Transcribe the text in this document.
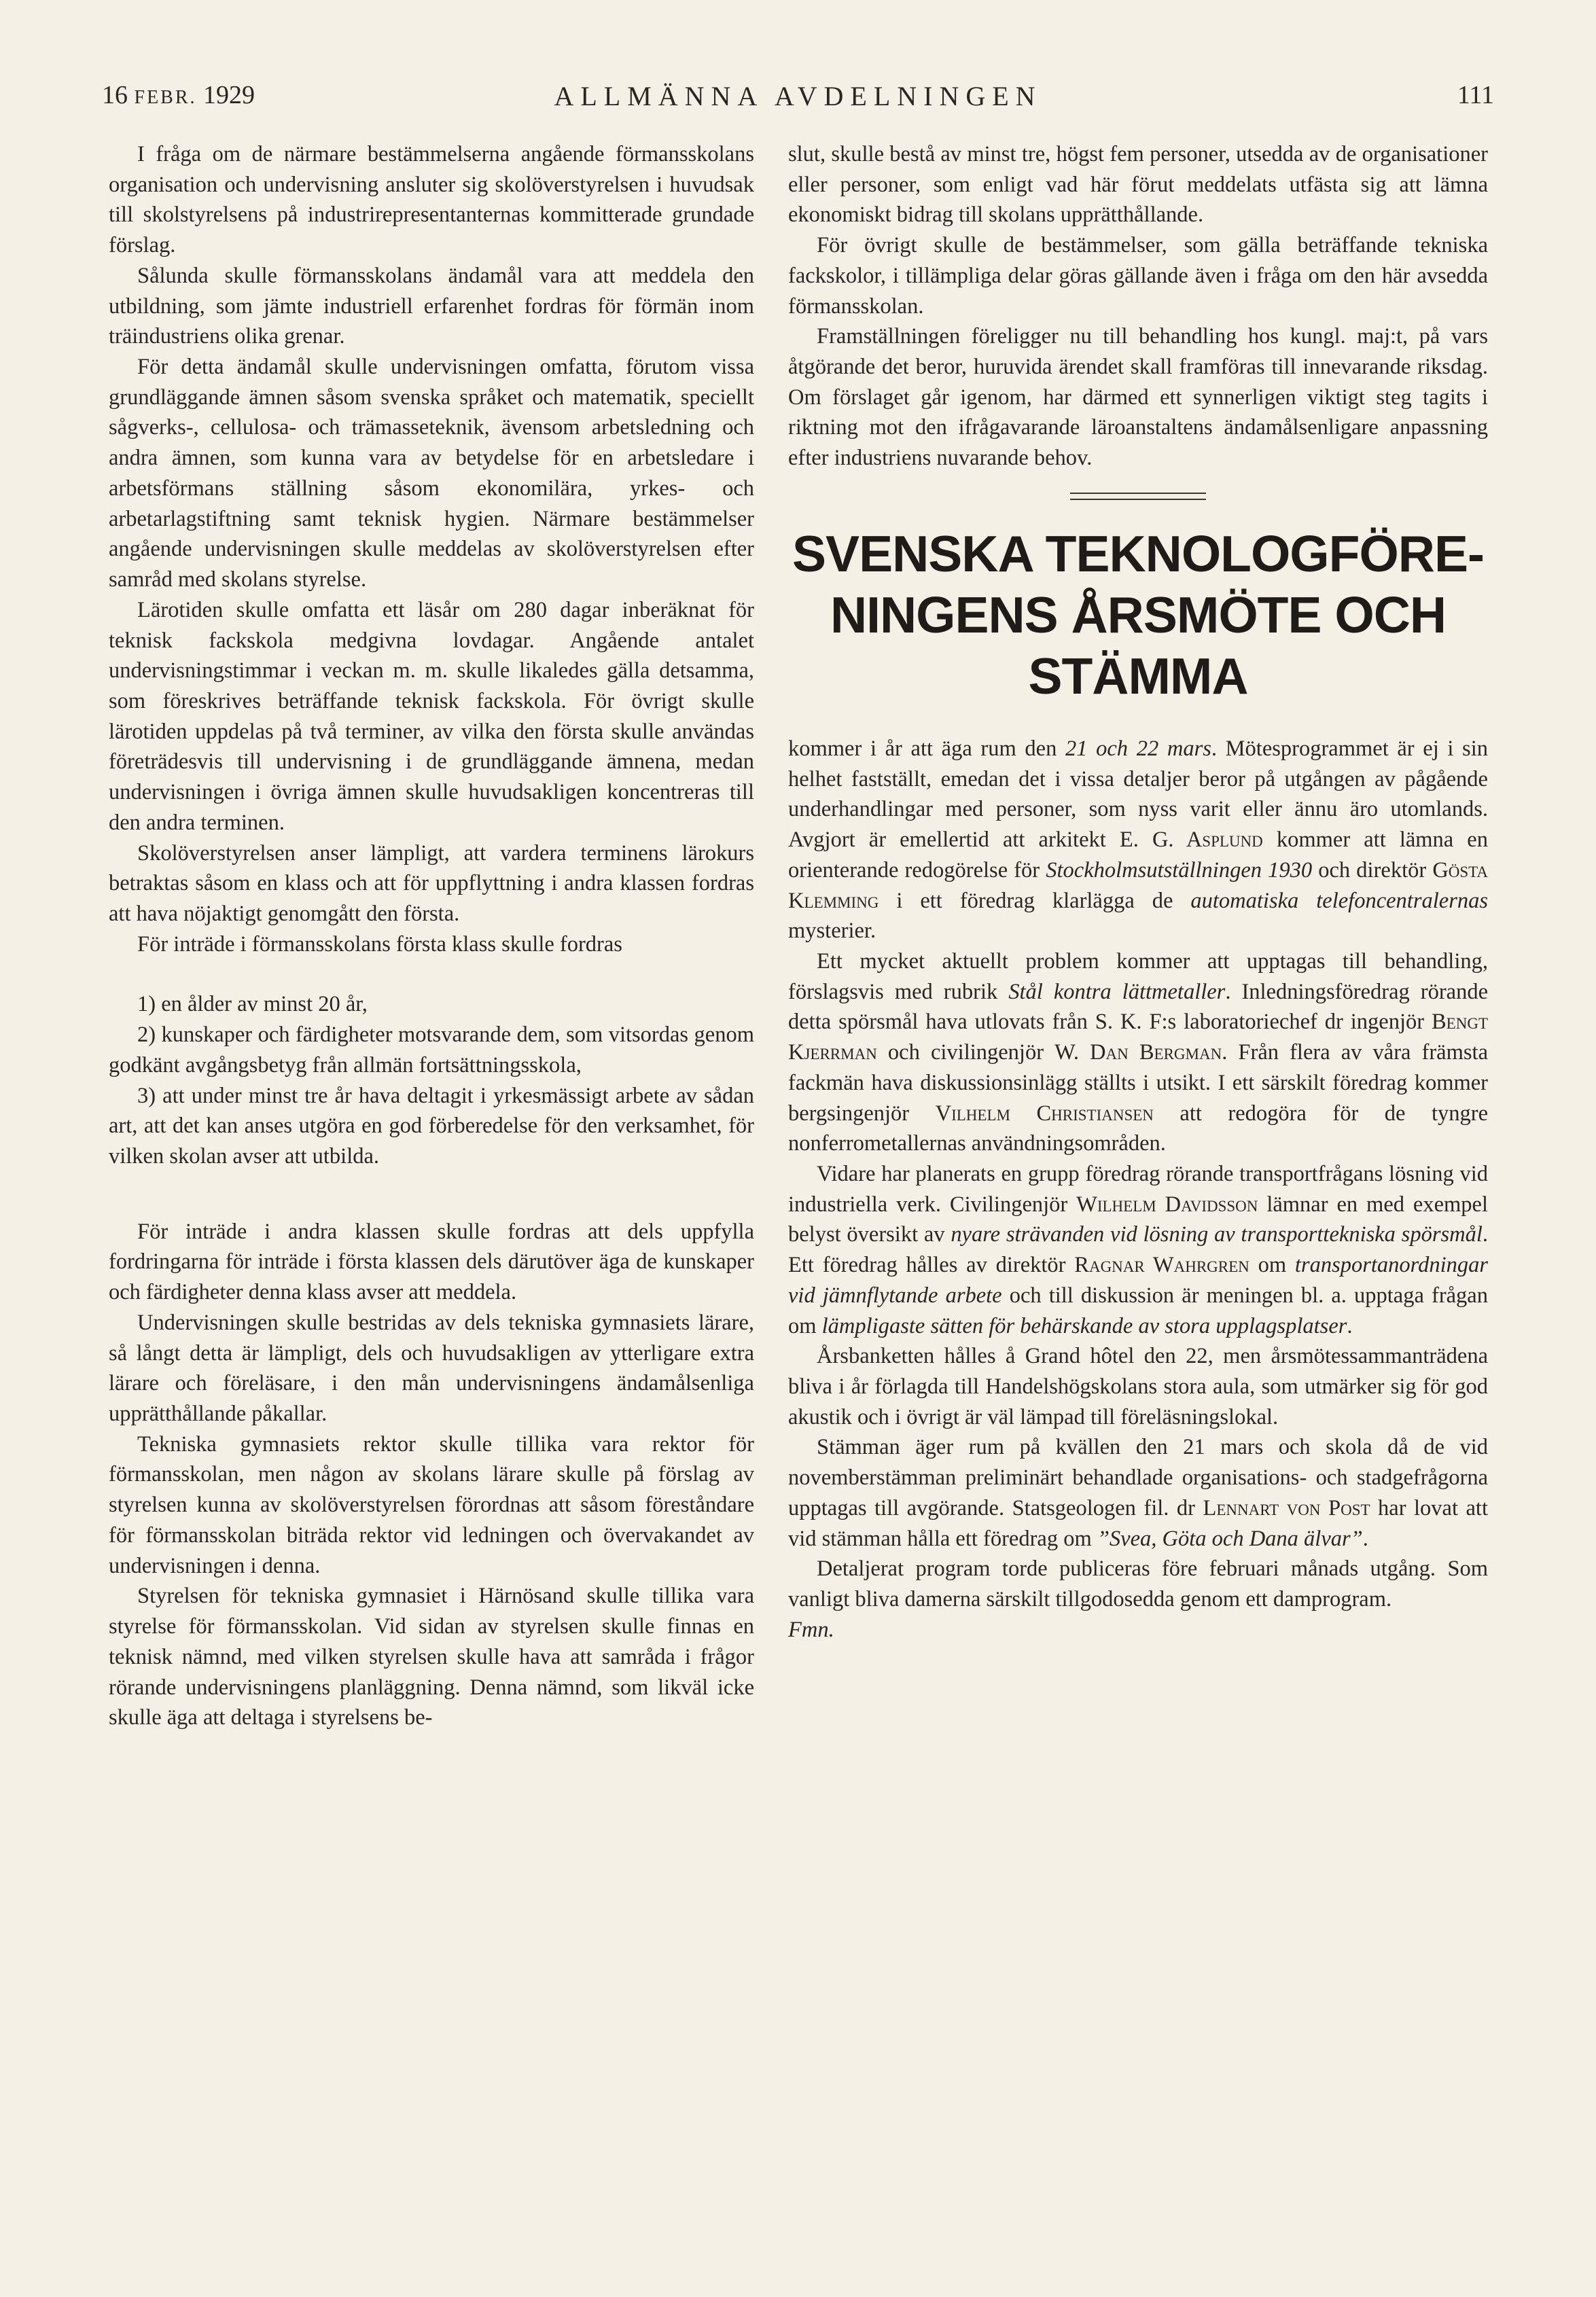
16 FEBR. 1929	ALLMÄNNA AVDELNINGEN	111

I fråga om de närmare bestämmelserna angående förmansskolans organisation och undervisning ansluter sig skolöverstyrelsen i huvudsak till skolstyrelsens på industrirepresentanternas kommitterade grundade förslag.

Sålunda skulle förmansskolans ändamål vara att meddela den utbildning, som jämte industriell erfarenhet fordras för förmän inom träindustriens olika grenar.

För detta ändamål skulle undervisningen omfatta, förutom vissa grundläggande ämnen såsom svenska språket och matematik, speciellt sågverks-, cellulosa- och trämasseteknik, ävensom arbetsledning och andra ämnen, som kunna vara av betydelse för en arbetsledare i arbetsförmans ställning såsom ekonomilära, yrkes- och arbetarlagstiftning samt teknisk hygien. Närmare bestämmelser angående undervisningen skulle meddelas av skolöverstyrelsen efter samråd med skolans styrelse.

Lärotiden skulle omfatta ett läsår om 280 dagar inberäknat för teknisk fackskola medgivna lovdagar. Angående antalet undervisningstimmar i veckan m. m. skulle likaledes gälla detsamma, som föreskrives beträffande teknisk fackskola. För övrigt skulle lärotiden uppdelas på två terminer, av vilka den första skulle användas företrädesvis till undervisning i de grundläggande ämnena, medan undervisningen i övriga ämnen skulle huvudsakligen koncentreras till den andra terminen.

Skolöverstyrelsen anser lämpligt, att vardera terminens lärokurs betraktas såsom en klass och att för uppflyttning i andra klassen fordras att hava nöjaktigt genomgått den första.

För inträde i förmansskolans första klass skulle fordras

1) en ålder av minst 20 år,

2) kunskaper och färdigheter motsvarande dem, som vitsordas genom godkänt avgångsbetyg från allmän fortsättningsskola,

3) att under minst tre år hava deltagit i yrkesmässigt arbete av sådan art, att det kan anses utgöra en god förberedelse för den verksamhet, för vilken skolan avser att utbilda.

För inträde i andra klassen skulle fordras att dels uppfylla fordringarna för inträde i första klassen dels därutöver äga de kunskaper och färdigheter denna klass avser att meddela.

Undervisningen skulle bestridas av dels tekniska gymnasiets lärare, så långt detta är lämpligt, dels och huvudsakligen av ytterligare extra lärare och föreläsare, i den mån undervisningens ändamålsenliga upprätthållande påkallar.

Tekniska gymnasiets rektor skulle tillika vara rektor för förmansskolan, men någon av skolans lärare skulle på förslag av styrelsen kunna av skolöverstyrelsen förordnas att såsom föreståndare för förmansskolan biträda rektor vid ledningen och övervakandet av undervisningen i denna.

Styrelsen för tekniska gymnasiet i Härnösand skulle tillika vara styrelse för förmansskolan. Vid sidan av styrelsen skulle finnas en teknisk nämnd, med vilken styrelsen skulle hava att samråda i frågor rörande undervisningens planläggning. Denna nämnd, som likväl icke skulle äga att deltaga i styrelsens be-

slut, skulle bestå av minst tre, högst fem personer, utsedda av de organisationer eller personer, som enligt vad här förut meddelats utfästa sig att lämna ekonomiskt bidrag till skolans upprätthållande.

För övrigt skulle de bestämmelser, som gälla beträffande tekniska fackskolor, i tillämpliga delar göras gällande även i fråga om den här avsedda förmansskolan.

Framställningen föreligger nu till behandling hos kungl. maj:t, på vars åtgörande det beror, huruvida ärendet skall framföras till innevarande riksdag. Om förslaget går igenom, har därmed ett synnerligen viktigt steg tagits i riktning mot den ifrågavarande läroanstaltens ändamålsenligare anpassning efter industriens nuvarande behov.

SVENSKA TEKNOLOGFÖRE-
NINGENS ÅRSMÖTE OCH
STÄMMA

kommer i år att äga rum den 21 och 22 mars. Mötesprogrammet är ej i sin helhet fastställt, emedan det i vissa detaljer beror på utgången av pågående underhandlingar med personer, som nyss varit eller ännu äro utomlands. Avgjort är emellertid att arkitekt E. G. Asplund kommer att lämna en orienterande redogörelse för Stockholmsutställningen 1930 och direktör Gösta Klemming i ett föredrag klarlägga de automatiska telefoncentralernas mysterier.

Ett mycket aktuellt problem kommer att upptagas till behandling, förslagsvis med rubrik Stål kontra lättmetaller. Inledningsföredrag rörande detta spörsmål hava utlovats från S. K. F:s laboratoriechef dr ingenjör Bengt Kjerrman och civilingenjör W. Dan Bergman. Från flera av våra främsta fackmän hava diskussionsinlägg ställts i utsikt. I ett särskilt föredrag kommer bergsingenjör Vilhelm Christiansen att redogöra för de tyngre nonferrometallernas användningsområden.

Vidare har planerats en grupp föredrag rörande transportfrågans lösning vid industriella verk. Civilingenjör Wilhelm Davidsson lämnar en med exempel belyst översikt av nyare strävanden vid lösning av transporttekniska spörsmål. Ett föredrag hålles av direktör Ragnar Wahrgren om transportanordningar vid jämnflytande arbete och till diskussion är meningen bl. a. upptaga frågan om lämpligaste sätten för behärskande av stora upplagsplatser.

Årsbanketten hålles å Grand hôtel den 22, men årsmötessammanträdena bliva i år förlagda till Handelshögskolans stora aula, som utmärker sig för god akustik och i övrigt är väl lämpad till föreläsningslokal.

Stämman äger rum på kvällen den 21 mars och skola då de vid novemberstämman preliminärt behandlade organisations- och stadgefrågorna upptagas till avgörande. Statsgeologen fil. dr Lennart von Post har lovat att vid stämman hålla ett föredrag om ”Svea, Göta och Dana älvar”.

Detaljerat program torde publiceras före februari månads utgång. Som vanligt bliva damerna särskilt tillgodosedda genom ett damprogram.

Fmn.
